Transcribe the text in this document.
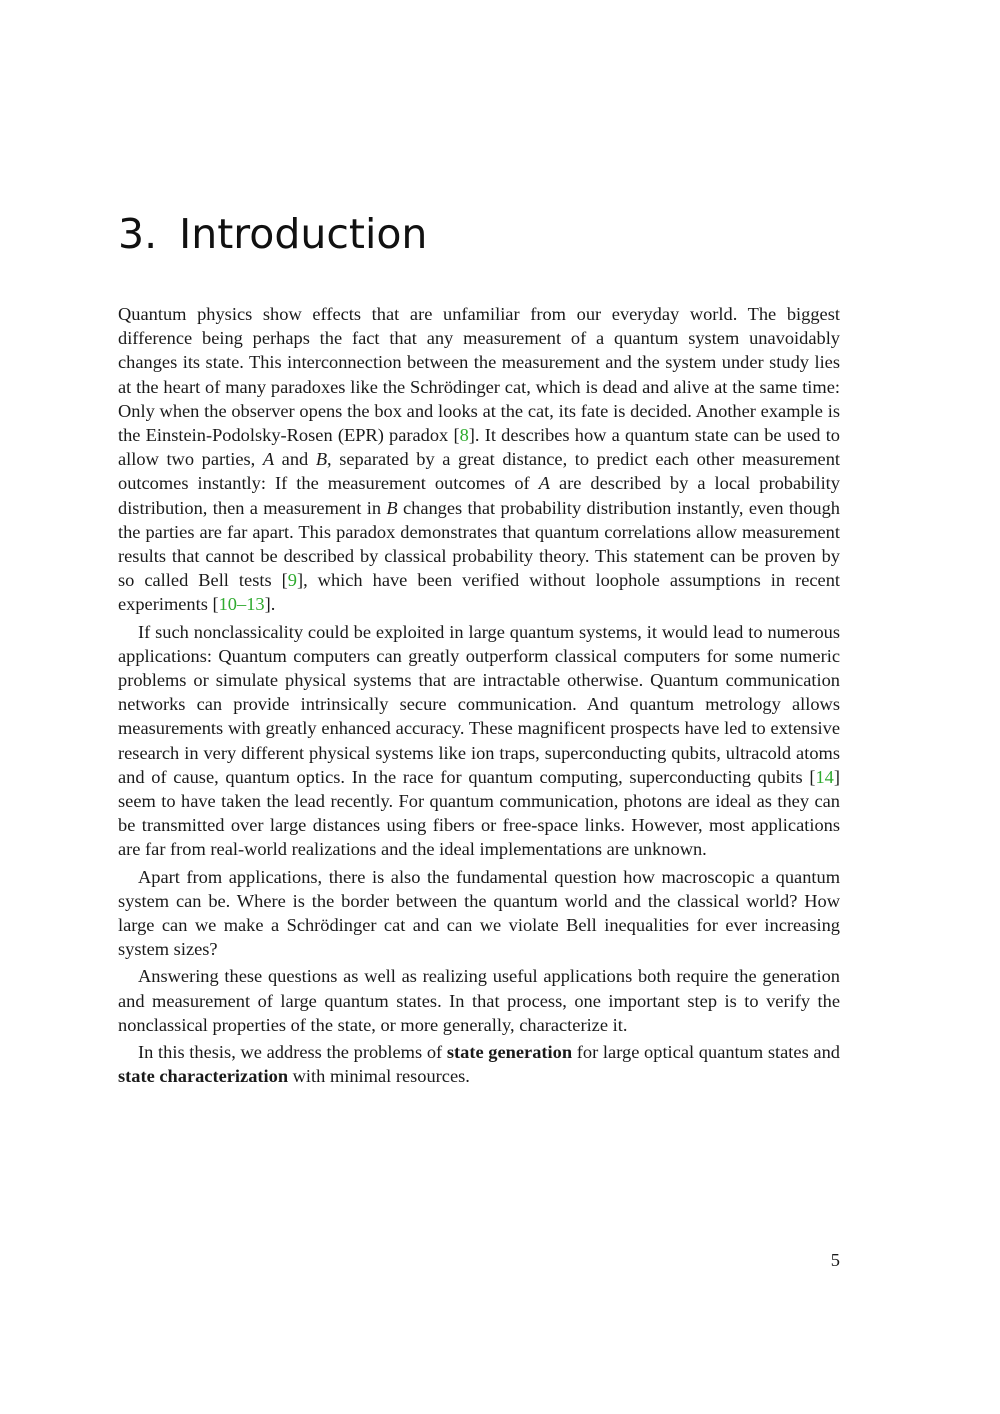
3. Introduction

Quantum physics show effects that are unfamiliar from our everyday world. The biggest difference being perhaps the fact that any measurement of a quantum system unavoidably changes its state. This interconnection between the measurement and the system under study lies at the heart of many paradoxes like the Schrödinger cat, which is dead and alive at the same time: Only when the observer opens the box and looks at the cat, its fate is decided. Another example is the Einstein-Podolsky-Rosen (EPR) paradox [8]. It describes how a quantum state can be used to allow two parties, A and B, separated by a great distance, to predict each other measurement outcomes instantly: If the measurement outcomes of A are described by a local probability distribution, then a measurement in B changes that probability distribution instantly, even though the parties are far apart. This paradox demonstrates that quantum correlations allow measurement results that cannot be described by classical probability theory. This statement can be proven by so called Bell tests [9], which have been verified without loophole assumptions in recent experiments [10–13].

If such nonclassicality could be exploited in large quantum systems, it would lead to numerous applications: Quantum computers can greatly outperform classical computers for some numeric problems or simulate physical systems that are intractable otherwise. Quantum communication networks can provide intrinsically secure communication. And quantum metrology allows measurements with greatly enhanced accuracy. These magnificent prospects have led to extensive research in very different physical systems like ion traps, superconducting qubits, ultracold atoms and of cause, quantum optics. In the race for quantum computing, superconducting qubits [14] seem to have taken the lead recently. For quantum communication, photons are ideal as they can be transmitted over large distances using fibers or free-space links. However, most applications are far from real-world realizations and the ideal implementations are unknown.

Apart from applications, there is also the fundamental question how macroscopic a quantum system can be. Where is the border between the quantum world and the classical world? How large can we make a Schrödinger cat and can we violate Bell inequalities for ever increasing system sizes?

Answering these questions as well as realizing useful applications both require the generation and measurement of large quantum states. In that process, one important step is to verify the nonclassical properties of the state, or more generally, characterize it.

In this thesis, we address the problems of state generation for large optical quantum states and state characterization with minimal resources.

5
